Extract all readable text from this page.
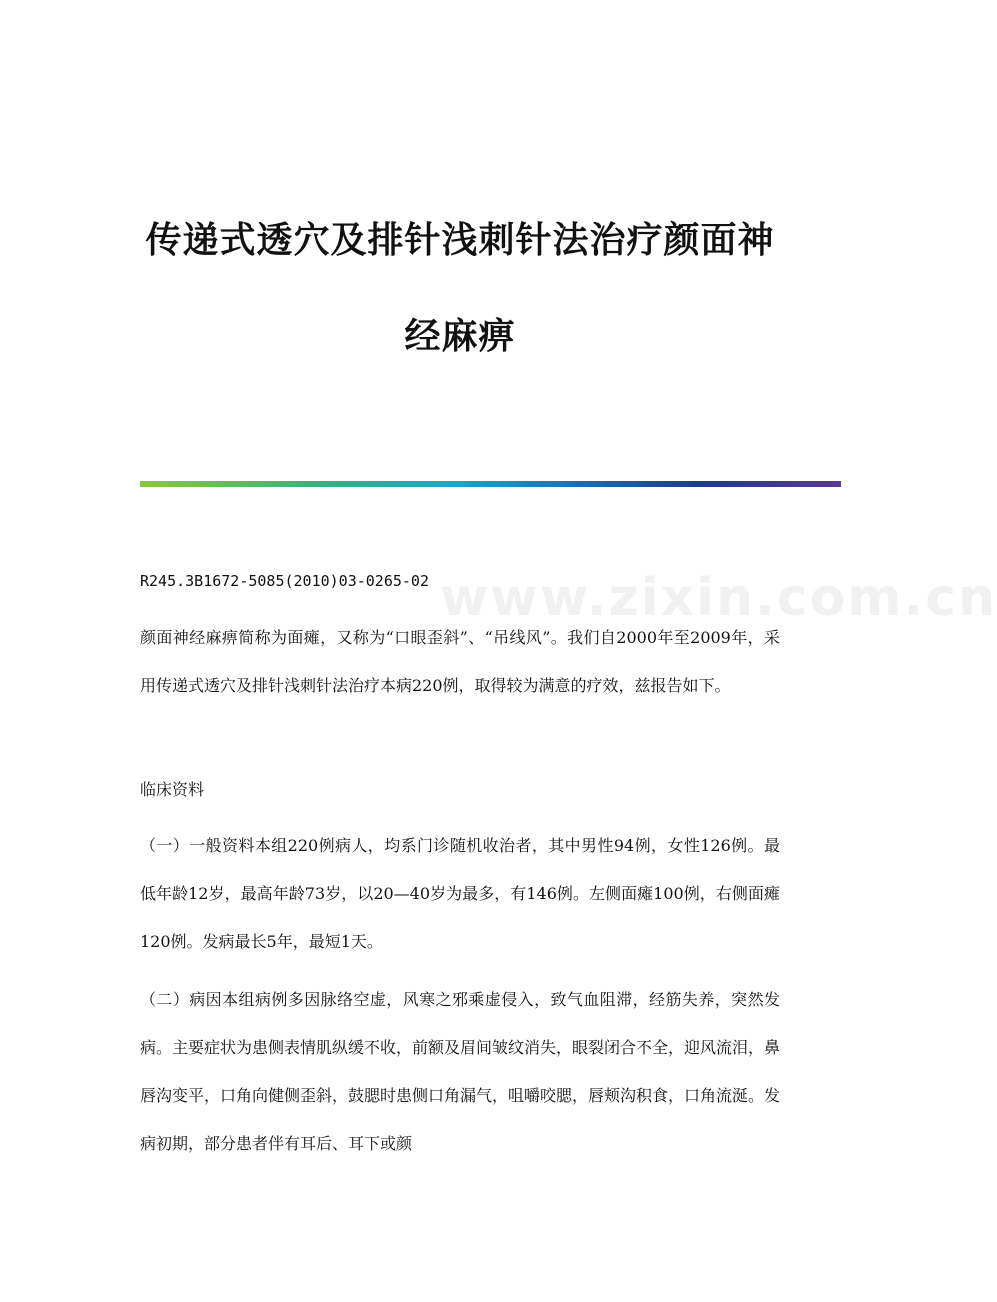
传递式透穴及排针浅刺针法治疗颜面神
经麻痹
www.zixin.com.cn

R245.3B1672-5085(2010)03-0265-02

颜面神经麻痹简称为面瘫，又称为“口眼歪斜”、“吊线风”。我们自2000年至2009年，采用传递式透穴及排针浅刺针法治疗本病220例，取得较为满意的疗效，兹报告如下。

临床资料

（一）一般资料本组220例病人，均系门诊随机收治者，其中男性94例，女性126例。最低年龄12岁，最高年龄73岁，以20—40岁为最多，有146例。左侧面瘫100例，右侧面瘫120例。发病最长5年，最短1天。

（二）病因本组病例多因脉络空虚，风寒之邪乘虚侵入，致气血阻滞，经筋失养，突然发病。主要症状为患侧表情肌纵缓不收，前额及眉间皱纹消失，眼裂闭合不全，迎风流泪，鼻唇沟变平，口角向健侧歪斜，鼓腮时患侧口角漏气，咀嚼咬腮，唇颊沟积食，口角流涎。发病初期，部分患者伴有耳后、耳下或颜
